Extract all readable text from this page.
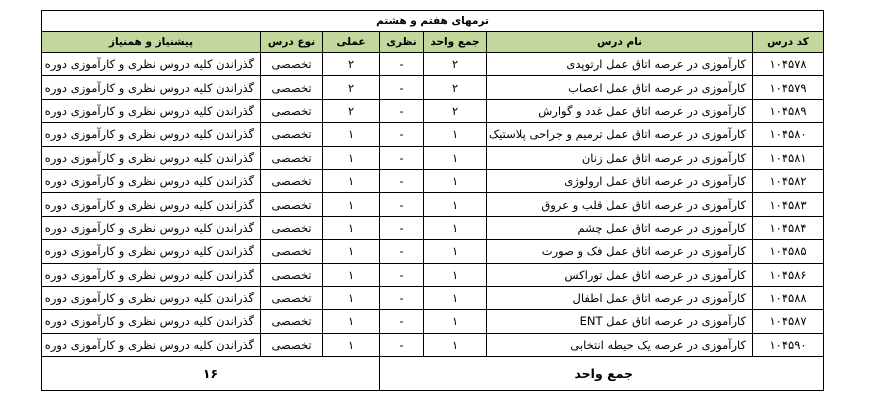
ترمهای هفتم و هشتم						
کد درس	نام درس	جمع واحد	نظری	عملی	نوع درس	پیشنیاز و همنیاز
۱۰۴۵۷۸	کارآموزی در عرصه اتاق عمل ارتوپدی	۲	-	۲	تخصصی	گذراندن کلیه دروس نظری و کارآموزی دوره
۱۰۴۵۷۹	کارآموزی در عرصه اتاق عمل اعصاب	۲	-	۲	تخصصی	گذراندن کلیه دروس نظری و کارآموزی دوره
۱۰۴۵۸۹	کارآموزی در عرصه اتاق عمل غدد و گوارش	۲	-	۲	تخصصی	گذراندن کلیه دروس نظری و کارآموزی دوره
۱۰۴۵۸۰	کارآموزی در عرصه اتاق عمل ترمیم و جراحی پلاستیک	۱	-	۱	تخصصی	گذراندن کلیه دروس نظری و کارآموزی دوره
۱۰۴۵۸۱	کارآموزی در عرصه اتاق عمل زنان	۱	-	۱	تخصصی	گذراندن کلیه دروس نظری و کارآموزی دوره
۱۰۴۵۸۲	کارآموزی در عرصه اتاق عمل ارولوژی	۱	-	۱	تخصصی	گذراندن کلیه دروس نظری و کارآموزی دوره
۱۰۴۵۸۳	کارآموزی در عرصه اتاق عمل قلب و عروق	۱	-	۱	تخصصی	گذراندن کلیه دروس نظری و کارآموزی دوره
۱۰۴۵۸۴	کارآموزی در عرصه اتاق عمل چشم	۱	-	۱	تخصصی	گذراندن کلیه دروس نظری و کارآموزی دوره
۱۰۴۵۸۵	کارآموزی در عرصه اتاق عمل فک و صورت	۱	-	۱	تخصصی	گذراندن کلیه دروس نظری و کارآموزی دوره
۱۰۴۵۸۶	کارآموزی در عرصه اتاق عمل توراکس	۱	-	۱	تخصصی	گذراندن کلیه دروس نظری و کارآموزی دوره
۱۰۴۵۸۸	کارآموزی در عرصه اتاق عمل اطفال	۱	-	۱	تخصصی	گذراندن کلیه دروس نظری و کارآموزی دوره
۱۰۴۵۸۷	کارآموزی در عرصه اتاق عمل ENT	۱	-	۱	تخصصی	گذراندن کلیه دروس نظری و کارآموزی دوره
۱۰۴۵۹۰	کارآموزی در عرصه یک حیطه انتخابی	۱	-	۱	تخصصی	گذراندن کلیه دروس نظری و کارآموزی دوره
جمع واحد				۱۶		
